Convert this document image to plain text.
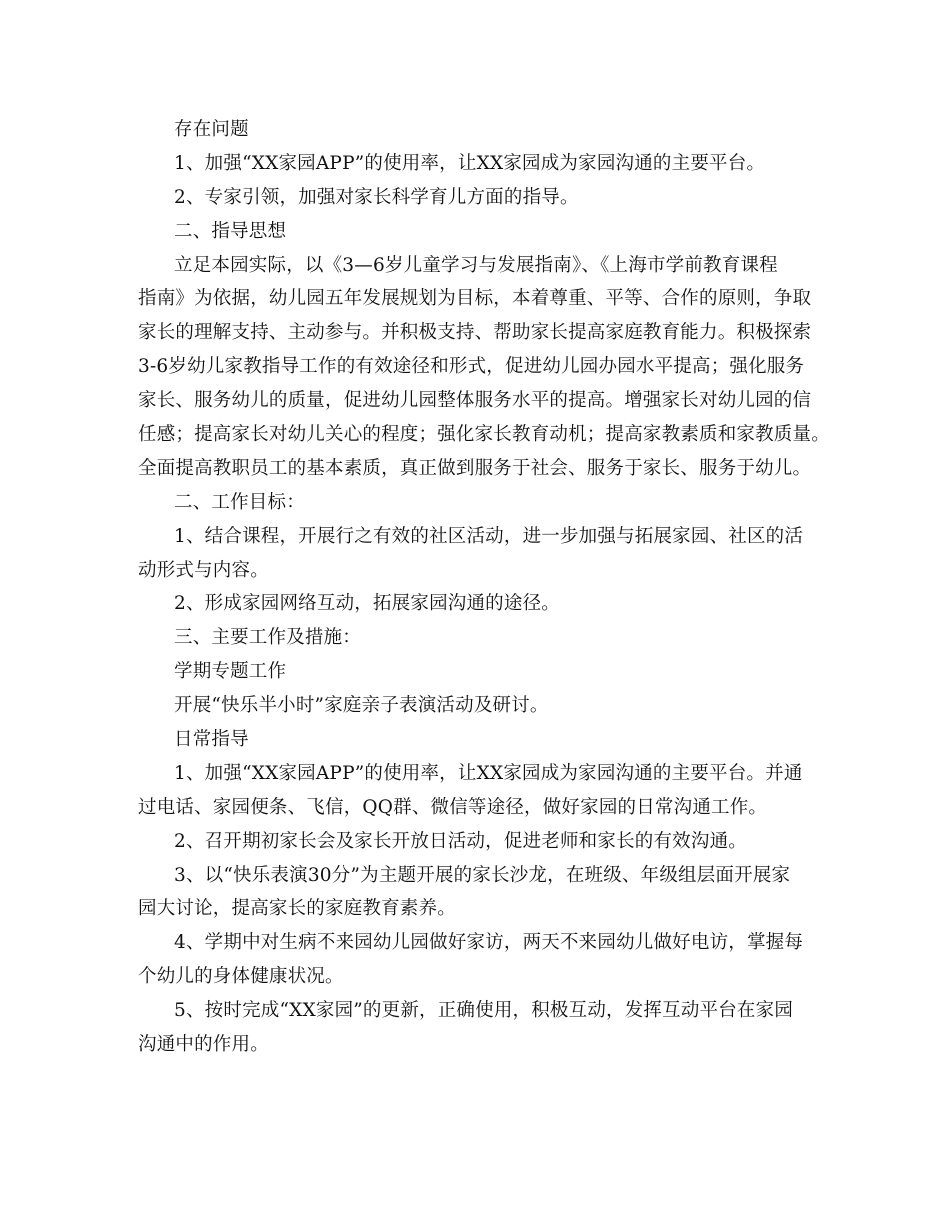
存在问题
1、加强“XX家园APP”的使用率，让XX家园成为家园沟通的主要平台。
2、专家引领，加强对家长科学育儿方面的指导。
二、指导思想
立足本园实际，以《3—6岁儿童学习与发展指南》、《上海市学前教育课程
指南》为依据，幼儿园五年发展规划为目标，本着尊重、平等、合作的原则，争取
家长的理解支持、主动参与。并积极支持、帮助家长提高家庭教育能力。积极探索
3-6岁幼儿家教指导工作的有效途径和形式，促进幼儿园办园水平提高；强化服务
家长、服务幼儿的质量，促进幼儿园整体服务水平的提高。增强家长对幼儿园的信
任感；提高家长对幼儿关心的程度；强化家长教育动机；提高家教素质和家教质量。
全面提高教职员工的基本素质，真正做到服务于社会、服务于家长、服务于幼儿。
二、工作目标：
1、结合课程，开展行之有效的社区活动，进一步加强与拓展家园、社区的活
动形式与内容。
2、形成家园网络互动，拓展家园沟通的途径。
三、主要工作及措施：
学期专题工作
开展“快乐半小时”家庭亲子表演活动及研讨。
日常指导
1、加强“XX家园APP”的使用率，让XX家园成为家园沟通的主要平台。并通
过电话、家园便条、飞信，QQ群、微信等途径，做好家园的日常沟通工作。
2、召开期初家长会及家长开放日活动，促进老师和家长的有效沟通。
3、以“快乐表演30分”为主题开展的家长沙龙，在班级、年级组层面开展家
园大讨论，提高家长的家庭教育素养。
4、学期中对生病不来园幼儿园做好家访，两天不来园幼儿做好电访，掌握每
个幼儿的身体健康状况。
5、按时完成“XX家园”的更新，正确使用，积极互动，发挥互动平台在家园
沟通中的作用。
